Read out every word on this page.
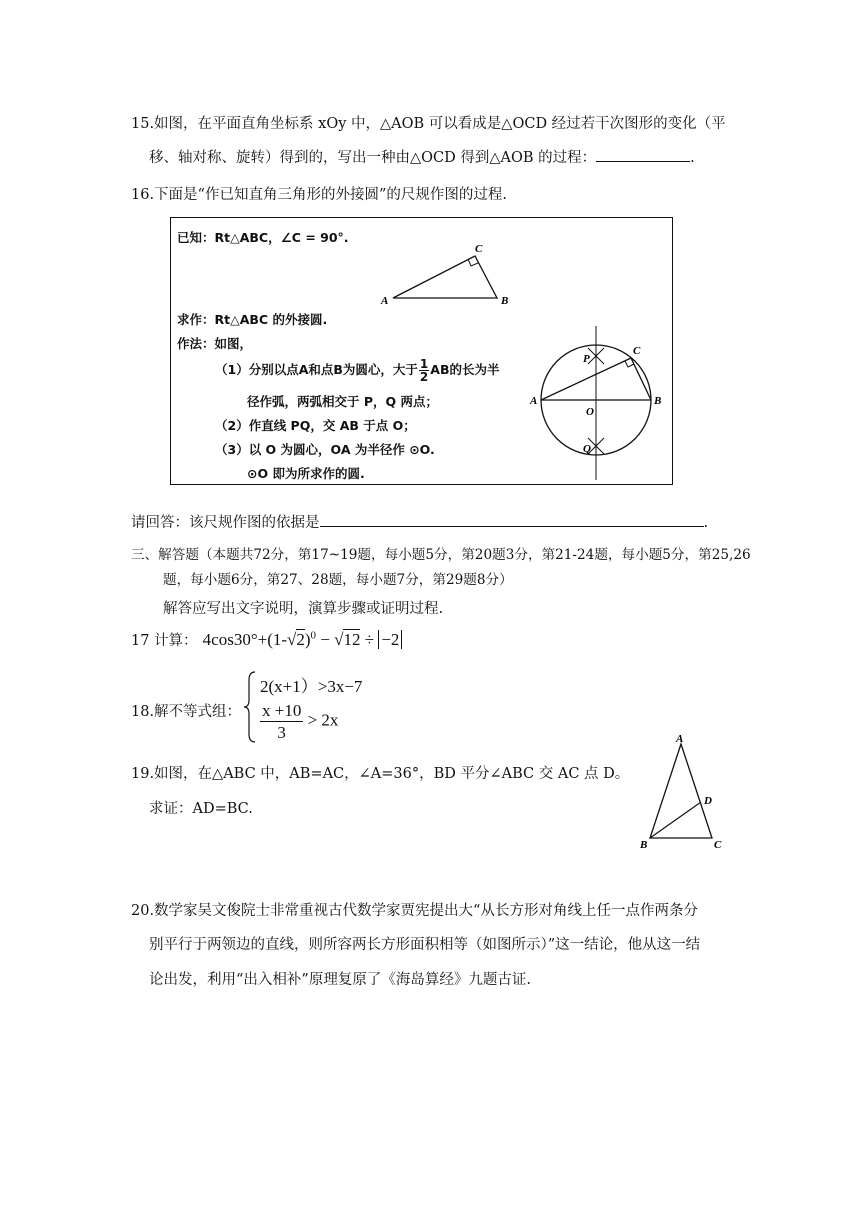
15.如图，在平面直角坐标系 xOy 中，△AOB 可以看成是△OCD 经过若干次图形的变化（平
移、轴对称、旋转）得到的，写出一种由△OCD 得到△AOB 的过程：	.
16.下面是“作已知直角三角形的外接圆”的尺规作图的过程.
已知：Rt△ABC，∠C = 90°.
求作：Rt△ABC 的外接圆.
作法：如图，
（1）分别以点A和点B为圆心，大于 $\frac{1}{2}$ AB的长为半
径作弧，两弧相交于 P，Q 两点；
（2）作直线 PQ，交 AB 于点 O；
（3）以 O 为圆心，OA 为半径作 ⊙O.
⊙O 即为所求作的圆.
A	B
C
A	B
C
P
Q
O
请回答：该尺规作图的依据是	.
三、解答题（本题共72分，第17~19题，每小题5分，第20题3分，第21-24题，每小题5分，第25,26
题，每小题6分，第27、28题，每小题7分，第29题8分）
解答应写出文字说明，演算步骤或证明过程.
17 计算： $4\cos 30^\circ+(1-√2)^0 - √12 \div -2$
18.解不等式组：
2(x+1）>3x−7
$\frac{x +10}{3} > 2x$
19.如图，在△ABC 中，AB=AC，∠A=36°，BD 平分∠ABC 交 AC 点 D。
求证：AD=BC.
A
B	C
D
20.数学家吴文俊院士非常重视古代数学家贾宪提出大“从长方形对角线上任一点作两条分
别平行于两领边的直线，则所容两长方形面积相等（如图所示）”这一结论，他从这一结
论出发，利用“出入相补”原理复原了《海岛算经》九题古证.
